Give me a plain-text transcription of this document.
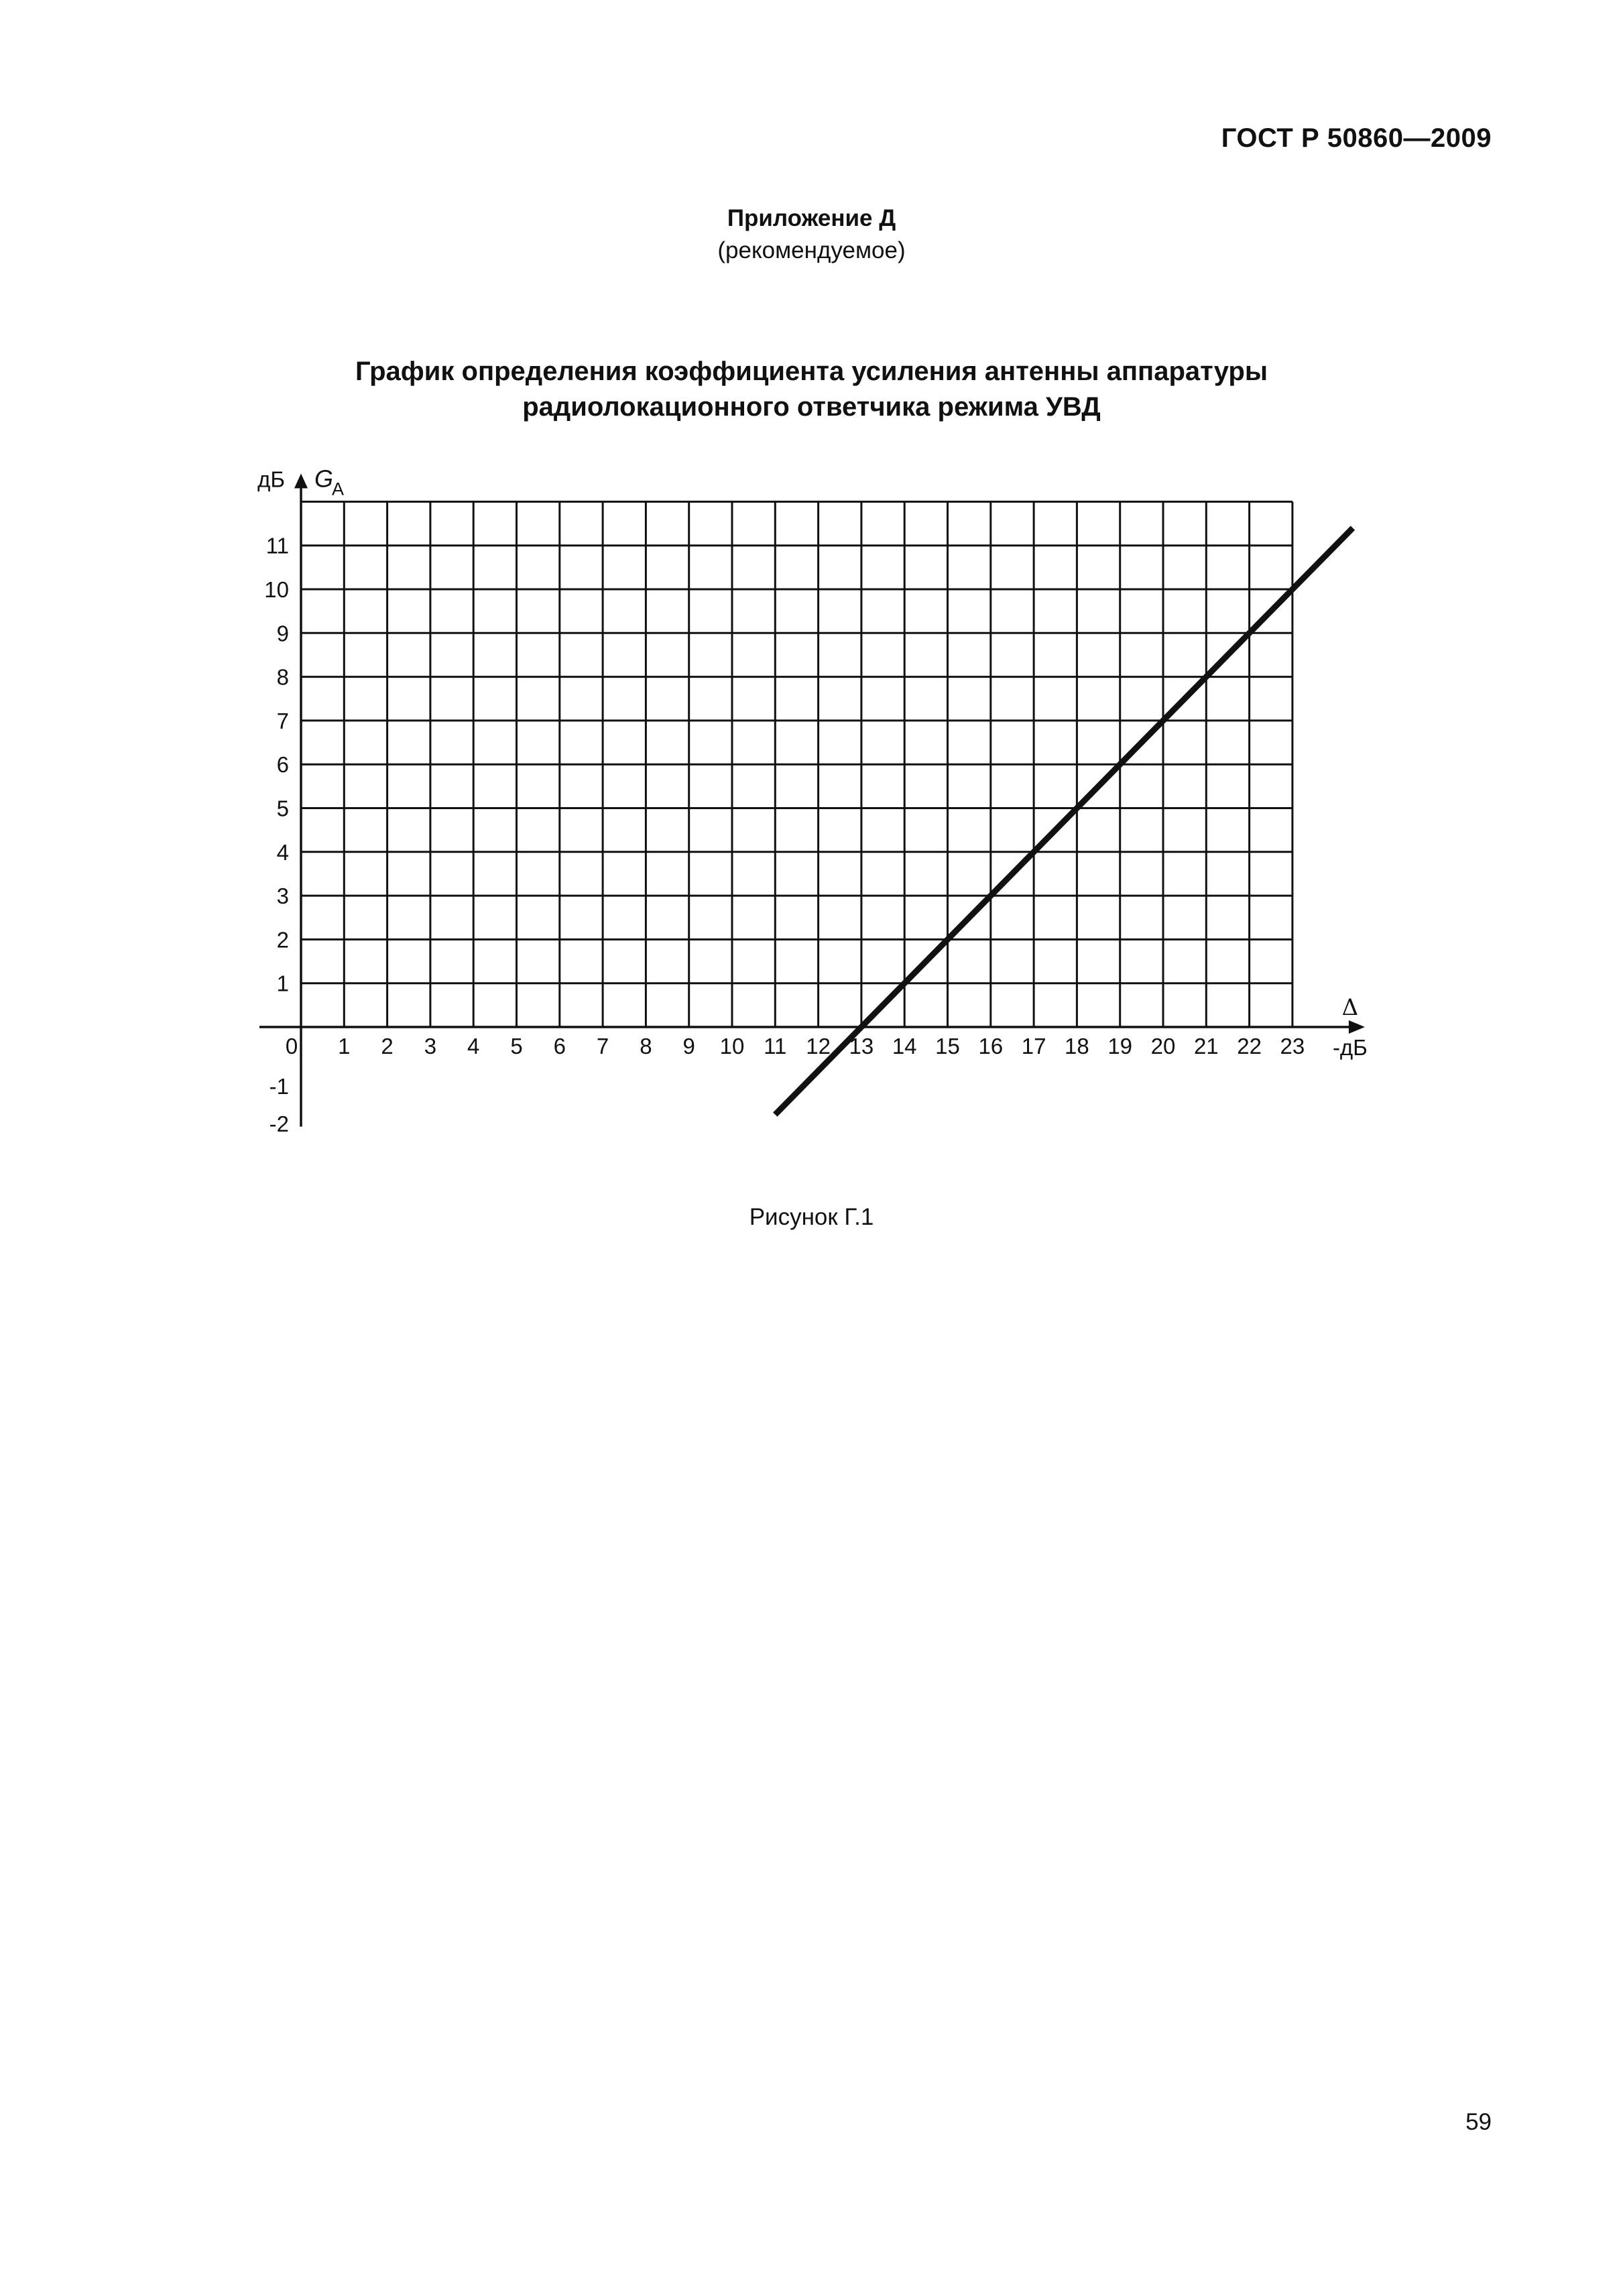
ГОСТ Р 50860—2009
Приложение Д
(рекомендуемое)
График определения коэффициента усиления антенны аппаратуры
радиолокационного ответчика режима УВД
0 1 2 3 4 5 6 7 8 9 10 11 12 13 14 15 16 17 18 19 20 21 22 23
1
2
3
4
5
6
7
8
9
10
11
-1
-2
дБ G
A
Δ
-дБ
Рисунок Г.1
59
